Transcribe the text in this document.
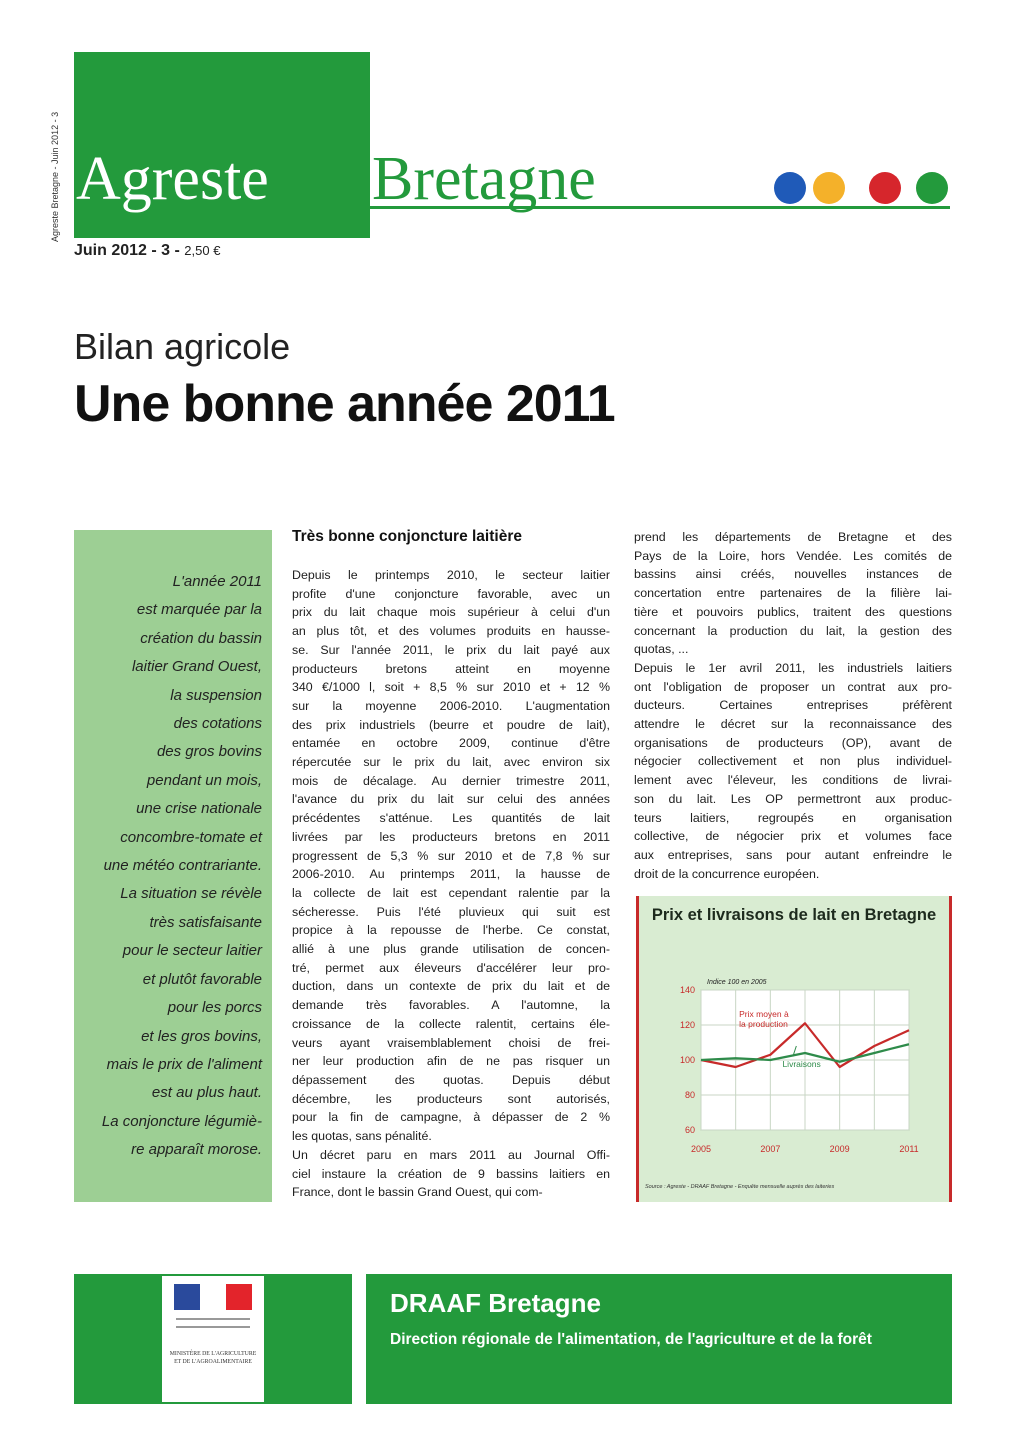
Agreste Bretagne - Juin 2012 - 3 Agreste Bretagne
Juin 2012 - 3 - 2,50 €
Bilan agricole
Une bonne année 2011
L'année 2011
est marquée par la
création du bassin
laitier Grand Ouest,
la suspension
des cotations
des gros bovins
pendant un mois,
une crise nationale
concombre-tomate et
une météo contrariante.
La situation se révèle
très satisfaisante
pour le secteur laitier
et plutôt favorable
pour les porcs
et les gros bovins,
mais le prix de l'aliment
est au plus haut.
La conjoncture légumiè-
re apparaît morose.
Très bonne conjoncture laitière
Depuis le printemps 2010, le secteur laitier
profite d'une conjoncture favorable, avec un
prix du lait chaque mois supérieur à celui d'un
an plus tôt, et des volumes produits en hausse-
se. Sur l'année 2011, le prix du lait payé aux
producteurs bretons atteint en moyenne
340 €/1000 l, soit + 8,5 % sur 2010 et + 12 %
sur la moyenne 2006-2010. L'augmentation
des prix industriels (beurre et poudre de lait),
entamée en octobre 2009, continue d'être
répercutée sur le prix du lait, avec environ six
mois de décalage. Au dernier trimestre 2011,
l'avance du prix du lait sur celui des années
précédentes s'atténue. Les quantités de lait
livrées par les producteurs bretons en 2011
progressent de 5,3 % sur 2010 et de 7,8 % sur
2006-2010. Au printemps 2011, la hausse de
la collecte de lait est cependant ralentie par la
sécheresse. Puis l'été pluvieux qui suit est
propice à la repousse de l'herbe. Ce constat,
allié à une plus grande utilisation de concen-
tré, permet aux éleveurs d'accélérer leur pro-
duction, dans un contexte de prix du lait et de
demande très favorables. A l'automne, la
croissance de la collecte ralentit, certains éle-
veurs ayant vraisemblablement choisi de frei-
ner leur production afin de ne pas risquer un
dépassement des quotas. Depuis début
décembre, les producteurs sont autorisés,
pour la fin de campagne, à dépasser de 2 %
les quotas, sans pénalité.
Un décret paru en mars 2011 au Journal Offi-
ciel instaure la création de 9 bassins laitiers en
France, dont le bassin Grand Ouest, qui com-
prend les départements de Bretagne et des
Pays de la Loire, hors Vendée. Les comités de
bassins ainsi créés, nouvelles instances de
concertation entre partenaires de la filière lai-
tière et pouvoirs publics, traitent des questions
concernant la production du lait, la gestion des
quotas, ...
Depuis le 1er avril 2011, les industriels laitiers
ont l'obligation de proposer un contrat aux pro-
ducteurs. Certaines entreprises préfèrent
attendre le décret sur la reconnaissance des
organisations de producteurs (OP), avant de
négocier collectivement et non plus individuel-
lement avec l'éleveur, les conditions de livrai-
son du lait. Les OP permettront aux produc-
teurs laitiers, regroupés en organisation
collective, de négocier prix et volumes face
aux entreprises, sans pour autant enfreindre le
droit de la concurrence européen.
Prix et livraisons de lait en Bretagne
140
120
100
80
60
2005	2007	2009	2011
Indice 100 en 2005
Prix moyen à la production
Livraisons
Source : Agreste - DRAAF Bretagne - Enquête mensuelle auprès des laiteries
MINISTÈRE DE L'AGRICULTURE ET DE L'AGROALIMENTAIRE
DRAAF Bretagne
Direction régionale de l'alimentation, de l'agriculture et de la forêt
